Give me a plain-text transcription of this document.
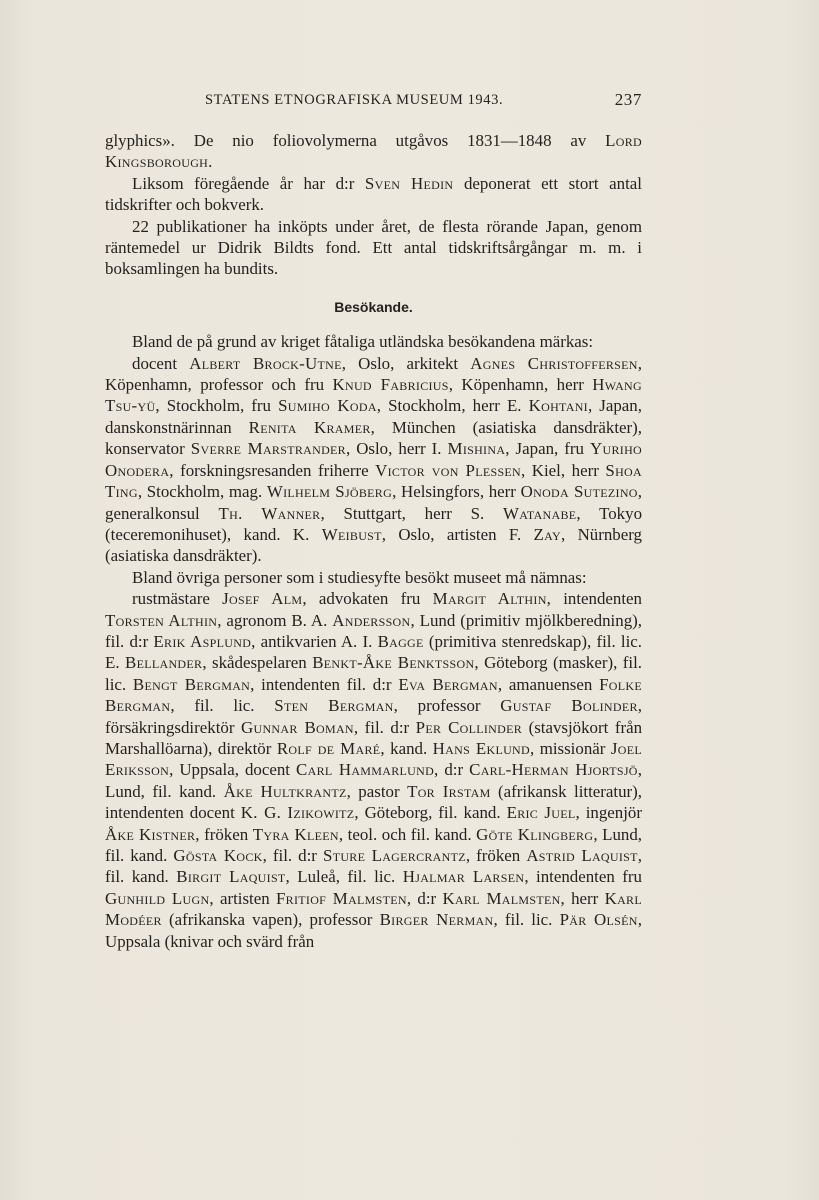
STATENS ETNOGRAFISKA MUSEUM 1943.	237

glyphics». De nio foliovolymerna utgåvos 1831—1848 av Lord Kingsborough.

Liksom föregående år har d:r Sven Hedin deponerat ett stort antal tidskrifter och bokverk.

22 publikationer ha inköpts under året, de flesta rörande Japan, genom räntemedel ur Didrik Bildts fond. Ett antal tidskriftsårgångar m. m. i boksamlingen ha bundits.

Besökande.

Bland de på grund av kriget fåtaliga utländska besökandena märkas:

docent Albert Brock-Utne, Oslo, arkitekt Agnes Christoffersen, Köpenhamn, professor och fru Knud Fabricius, Köpenhamn, herr Hwang Tsu-yü, Stockholm, fru Sumiho Koda, Stockholm, herr E. Kohtani, Japan, danskonstnärinnan Renita Kramer, München (asiatiska dansdräkter), konservator Sverre Marstrander, Oslo, herr I. Mishina, Japan, fru Yuriho Onodera, forskningsresanden friherre Victor von Plessen, Kiel, herr Shoa Ting, Stockholm, mag. Wilhelm Sjöberg, Helsingfors, herr Onoda Sutezino, generalkonsul Th. Wanner, Stuttgart, herr S. Watanabe, Tokyo (teceremonihuset), kand. K. Weibust, Oslo, artisten F. Zay, Nürnberg (asiatiska dansdräkter).

Bland övriga personer som i studiesyfte besökt museet må nämnas:

rustmästare Josef Alm, advokaten fru Margit Althin, intendenten Torsten Althin, agronom B. A. Andersson, Lund (primitiv mjölkberedning), fil. d:r Erik Asplund, antikvarien A. I. Bagge (primitiva stenredskap), fil. lic. E. Bellander, skådespelaren Benkt-Åke Benktsson, Göteborg (masker), fil. lic. Bengt Bergman, intendenten fil. d:r Eva Bergman, amanuensen Folke Bergman, fil. lic. Sten Bergman, professor Gustaf Bolinder, försäkringsdirektör Gunnar Boman, fil. d:r Per Collinder (stavsjökort från Marshallöarna), direktör Rolf de Maré, kand. Hans Eklund, missionär Joel Eriksson, Uppsala, docent Carl Hammarlund, d:r Carl-Herman Hjortsjö, Lund, fil. kand. Åke Hultkrantz, pastor Tor Irstam (afrikansk litteratur), intendenten docent K. G. Izikowitz, Göteborg, fil. kand. Eric Juel, ingenjör Åke Kistner, fröken Tyra Kleen, teol. och fil. kand. Göte Klingberg, Lund, fil. kand. Gösta Kock, fil. d:r Sture Lagercrantz, fröken Astrid Laquist, fil. kand. Birgit Laquist, Luleå, fil. lic. Hjalmar Larsen, intendenten fru Gunhild Lugn, artisten Fritiof Malmsten, d:r Karl Malmsten, herr Karl Modéer (afrikanska vapen), professor Birger Nerman, fil. lic. Pär Olsén, Uppsala (knivar och svärd från
